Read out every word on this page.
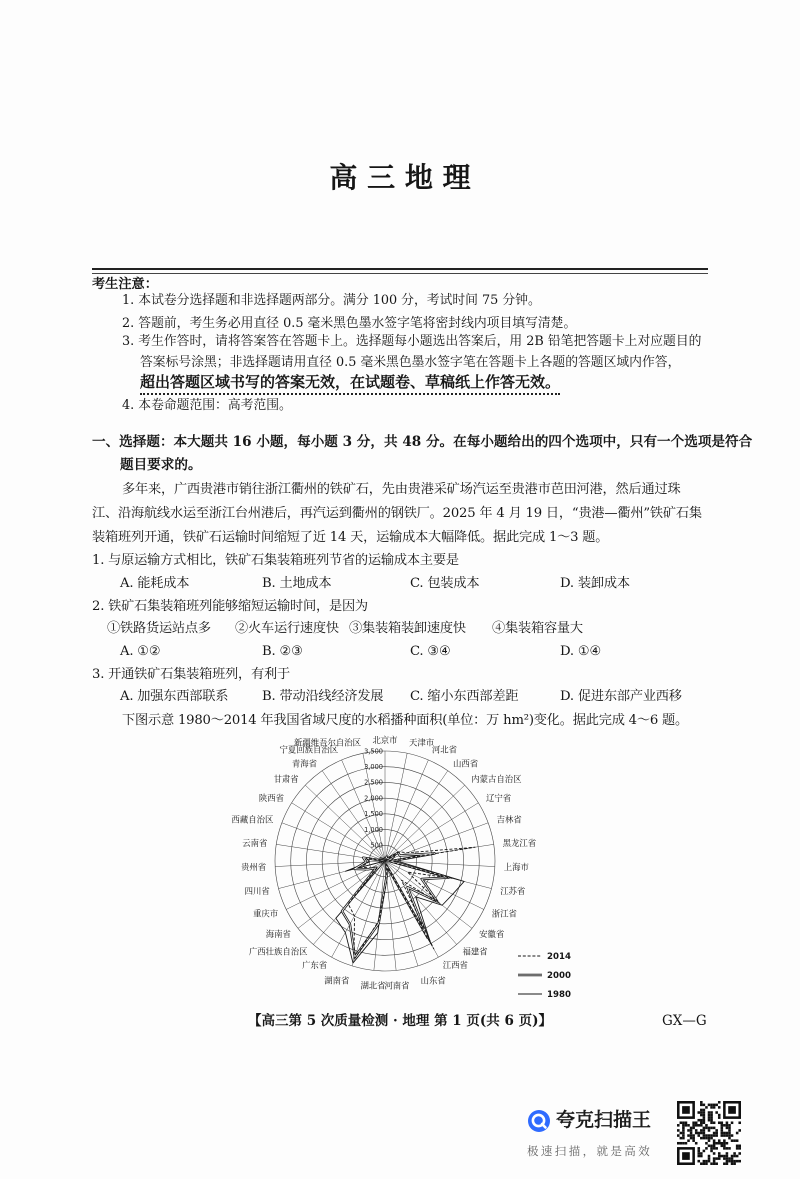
高 三 地 理
考生注意：
1. 本试卷分选择题和非选择题两部分。满分 100 分，考试时间 75 分钟。
2. 答题前，考生务必用直径 0.5 毫米黑色墨水签字笔将密封线内项目填写清楚。
3. 考生作答时，请将答案答在答题卡上。选择题每小题选出答案后，用 2B 铅笔把答题卡上对应题目的
答案标号涂黑；非选择题请用直径 0.5 毫米黑色墨水签字笔在答题卡上各题的答题区域内作答，
超出答题区域书写的答案无效，在试题卷、草稿纸上作答无效。
4. 本卷命题范围：高考范围。
一、选择题：本大题共 16 小题，每小题 3 分，共 48 分。在每小题给出的四个选项中，只有一个选项是符合
题目要求的。
多年来，广西贵港市销往浙江衢州的铁矿石，先由贵港采矿场汽运至贵港市芭田河港，然后通过珠
江、沿海航线水运至浙江台州港后，再汽运到衢州的钢铁厂。2025 年 4 月 19 日，“贵港—衢州”铁矿石集
装箱班列开通，铁矿石运输时间缩短了近 14 天，运输成本大幅降低。据此完成 1～3 题。
1. 与原运输方式相比，铁矿石集装箱班列节省的运输成本主要是
A. 能耗成本	B. 土地成本	C. 包装成本	D. 装卸成本
2. 铁矿石集装箱班列能够缩短运输时间，是因为
①铁路货运站点多 ②火车运行速度快 ③集装箱装卸速度快 ④集装箱容量大
A. ①②	B. ②③	C. ③④	D. ①④
3. 开通铁矿石集装箱班列，有利于
A. 加强东西部联系	B. 带动沿线经济发展 C. 缩小东西部差距	D. 促进东部产业西移
下图示意 1980～2014 年我国省域尺度的水稻播种面积(单位：万 hm²)变化。据此完成 4～6 题。
0
500
1,000
1,500
2,000
2,500
3,000
3,500
北京市 天津市
河北省
山西省
内蒙古自治区
辽宁省
吉林省
黑龙江省
上海市
江苏省
浙江省
安徽省
福建省
江西省
山东省
河南省
湖北省
湖南省
广东省
广西壮族自治区
海南省
重庆市
四川省
贵州省
云南省
西藏自治区
陕西省
甘肃省
青海省
宁夏回族自治区
新疆维吾尔自治区
2014
2000
1980
【高三第 5 次质量检测 · 地理 第 1 页(共 6 页)】	GX—G
夸克扫描王
极速扫描，就是高效
